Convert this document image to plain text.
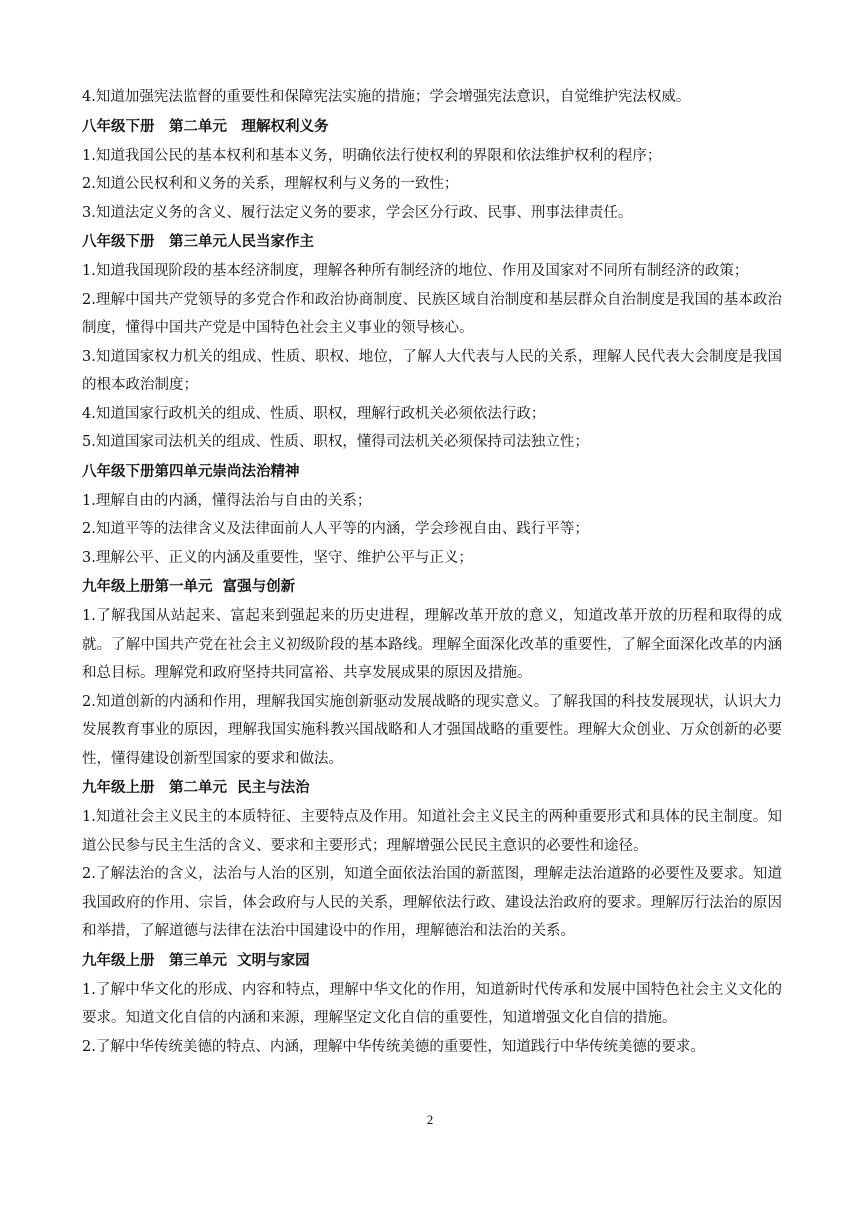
4.知道加强宪法监督的重要性和保障宪法实施的措施；学会增强宪法意识，自觉维护宪法权威。

八年级下册　第二单元　理解权利义务

1.知道我国公民的基本权利和基本义务，明确依法行使权利的界限和依法维护权利的程序；

2.知道公民权利和义务的关系，理解权利与义务的一致性；

3.知道法定义务的含义、履行法定义务的要求，学会区分行政、民事、刑事法律责任。

八年级下册　第三单元人民当家作主

1.知道我国现阶段的基本经济制度，理解各种所有制经济的地位、作用及国家对不同所有制经济的政策；

2.理解中国共产党领导的多党合作和政治协商制度、民族区域自治制度和基层群众自治制度是我国的基本政治制度，懂得中国共产党是中国特色社会主义事业的领导核心。

3.知道国家权力机关的组成、性质、职权、地位，了解人大代表与人民的关系，理解人民代表大会制度是我国的根本政治制度；

4.知道国家行政机关的组成、性质、职权，理解行政机关必须依法行政；

5.知道国家司法机关的组成、性质、职权，懂得司法机关必须保持司法独立性；

八年级下册第四单元崇尚法治精神

1.理解自由的内涵，懂得法治与自由的关系；

2.知道平等的法律含义及法律面前人人平等的内涵，学会珍视自由、践行平等；

3.理解公平、正义的内涵及重要性，坚守、维护公平与正义；

九年级上册第一单元  富强与创新

1.了解我国从站起来、富起来到强起来的历史进程，理解改革开放的意义，知道改革开放的历程和取得的成就。了解中国共产党在社会主义初级阶段的基本路线。理解全面深化改革的重要性，了解全面深化改革的内涵和总目标。理解党和政府坚持共同富裕、共享发展成果的原因及措施。

2.知道创新的内涵和作用，理解我国实施创新驱动发展战略的现实意义。了解我国的科技发展现状，认识大力发展教育事业的原因，理解我国实施科教兴国战略和人才强国战略的重要性。理解大众创业、万众创新的必要性，懂得建设创新型国家的要求和做法。

九年级上册　第二单元  民主与法治

1.知道社会主义民主的本质特征、主要特点及作用。知道社会主义民主的两种重要形式和具体的民主制度。知道公民参与民主生活的含义、要求和主要形式；理解增强公民民主意识的必要性和途径。

2.了解法治的含义，法治与人治的区别，知道全面依法治国的新蓝图，理解走法治道路的必要性及要求。知道我国政府的作用、宗旨，体会政府与人民的关系，理解依法行政、建设法治政府的要求。理解厉行法治的原因和举措，了解道德与法律在法治中国建设中的作用，理解德治和法治的关系。

九年级上册　第三单元  文明与家园

1.了解中华文化的形成、内容和特点，理解中华文化的作用，知道新时代传承和发展中国特色社会主义文化的要求。知道文化自信的内涵和来源，理解坚定文化自信的重要性，知道增强文化自信的措施。

2.了解中华传统美德的特点、内涵，理解中华传统美德的重要性，知道践行中华传统美德的要求。

2
